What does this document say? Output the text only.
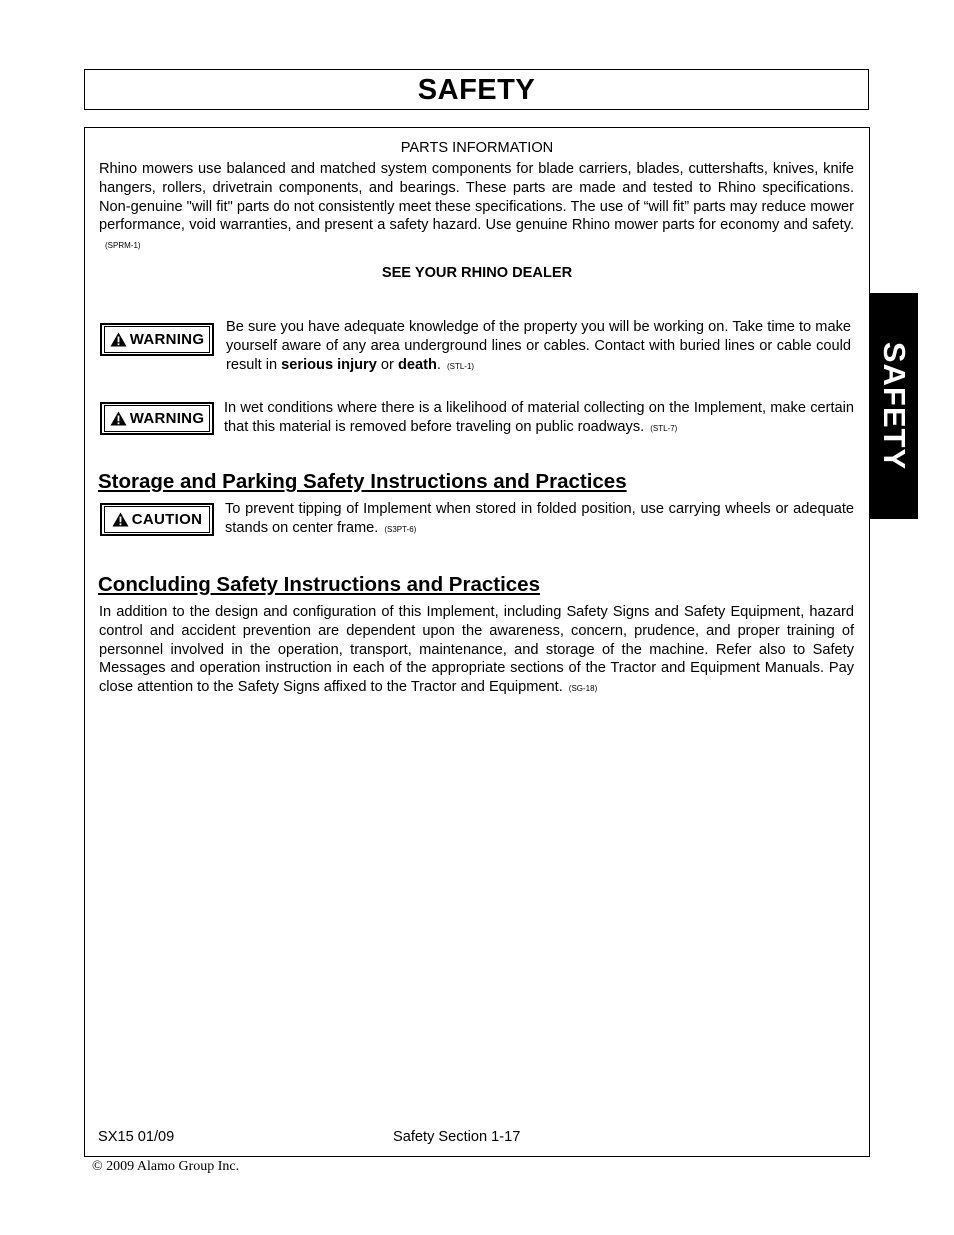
SAFETY
SAFETY
PARTS INFORMATION
Rhino mowers use balanced and matched system components for blade carriers, blades, cuttershafts, knives, knife hangers, rollers, drivetrain components, and bearings. These parts are made and tested to Rhino specifications. Non-genuine "will fit" parts do not consistently meet these specifications. The use of “will fit” parts may reduce mower performance, void warranties, and present a safety hazard. Use genuine Rhino mower parts for economy and safety.(SPRM-1)
SEE YOUR RHINO DEALER
WARNING
Be sure you have adequate knowledge of the property you will be working on. Take time to make yourself aware of any area underground lines or cables. Contact with buried lines or cable could result in serious injury or death. (STL-1)
WARNING
In wet conditions where there is a likelihood of material collecting on the Implement, make certain that this material is removed before traveling on public roadways. (STL-7)
Storage and Parking Safety Instructions and Practices
CAUTION
To prevent tipping of Implement when stored in folded position, use carrying wheels or adequate stands on center frame. (S3PT-6)
Concluding Safety Instructions and Practices
In addition to the design and configuration of this Implement, including Safety Signs and Safety Equipment, hazard control and accident prevention are dependent upon the awareness, concern, prudence, and proper training of personnel involved in the operation, transport, maintenance, and storage of the machine. Refer also to Safety Messages and operation instruction in each of the appropriate sections of the Tractor and Equipment Manuals. Pay close attention to the Safety Signs affixed to the Tractor and Equipment. (SG-18)
SX15 01/09	Safety Section 1-17
© 2009 Alamo Group Inc.
